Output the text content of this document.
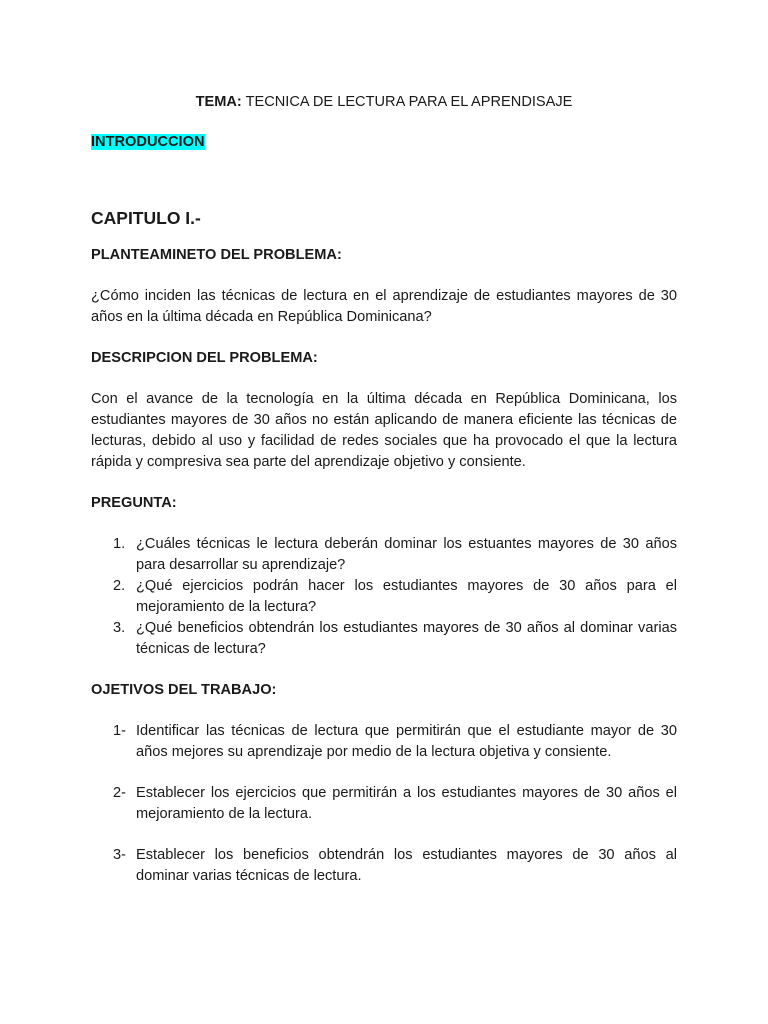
TEMA: TECNICA DE LECTURA PARA EL APRENDISAJE

INTRODUCCION
CAPITULO I.-
PLANTEAMINETO DEL PROBLEMA:

¿Cómo inciden las técnicas de lectura en el aprendizaje de estudiantes mayores de 30 años en la última década en República Dominicana?

DESCRIPCION DEL PROBLEMA:

Con el avance de la tecnología en la última década en República Dominicana, los estudiantes mayores de 30 años no están aplicando de manera eficiente las técnicas de lecturas, debido al uso y facilidad de redes sociales que ha provocado el que la lectura rápida y compresiva sea parte del aprendizaje objetivo y consiente.

PREGUNTA:
1. ¿Cuáles técnicas le lectura deberán dominar los estuantes mayores de 30 años para desarrollar su aprendizaje?
2. ¿Qué ejercicios podrán hacer los estudiantes mayores de 30 años para el mejoramiento de la lectura?
3. ¿Qué beneficios obtendrán los estudiantes mayores de 30 años al dominar varias técnicas de lectura?
OJETIVOS DEL TRABAJO:
1- Identificar las técnicas de lectura que permitirán que el estudiante mayor de 30 años mejores su aprendizaje por medio de la lectura objetiva y consiente.
2- Establecer los ejercicios que permitirán a los estudiantes mayores de 30 años el mejoramiento de la lectura.
3- Establecer los beneficios obtendrán los estudiantes mayores de 30 años al dominar varias técnicas de lectura.
